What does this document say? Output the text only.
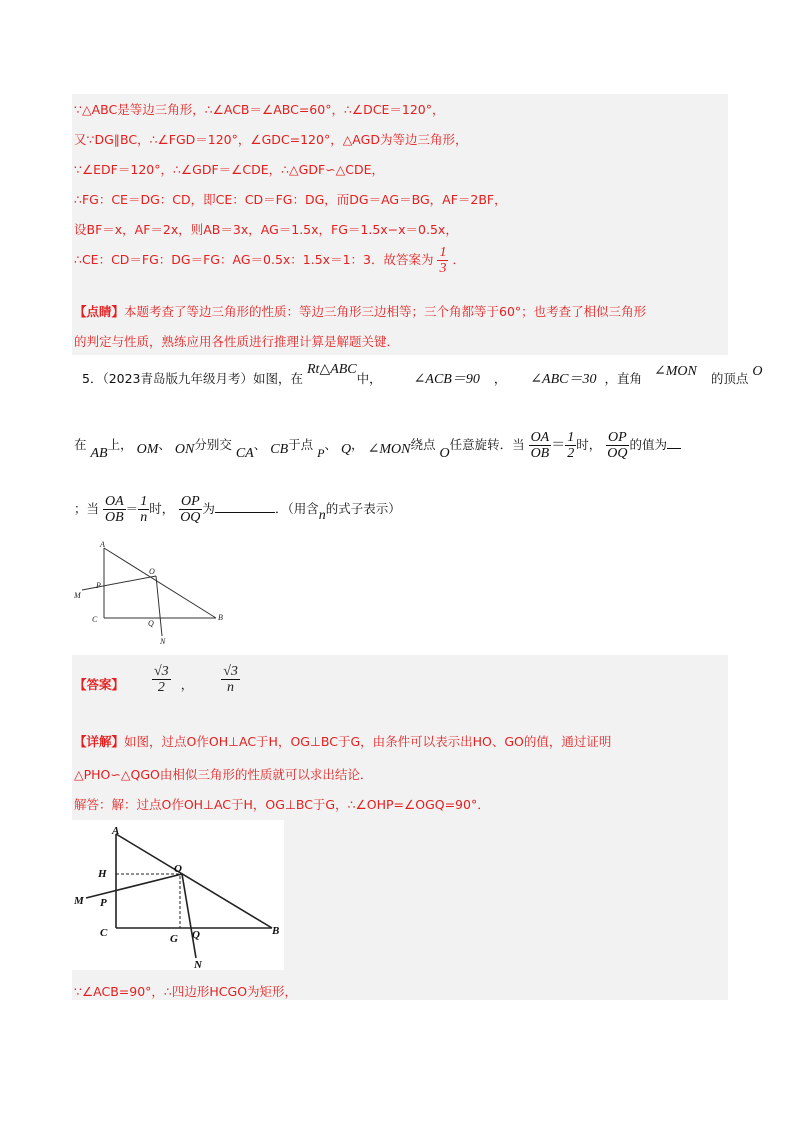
∵△ABC是等边三角形，∴∠ACB＝∠ABC=60°，∴∠DCE＝120°，
又∵DG∥BC，∴∠FGD＝120°，∠GDC=120°，△AGD为等边三角形，
∵∠EDF＝120°，∴∠GDF＝∠CDE，∴△GDF∽△CDE，
∴FG：CE＝DG：CD，即CE：CD＝FG：DG，而DG＝AG＝BG，AF＝2BF，
设BF＝x，AF＝2x，则AB＝3x，AG＝1.5x，FG＝1.5x−x＝0.5x，
∴CE：CD＝FG：DG＝FG：AG＝0.5x：1.5x＝1：3．故答案为 $\frac{1}{3}$ ．
【点睛】本题考查了等边三角形的性质：等边三角形三边相等；三个角都等于60°；也考查了相似三角形
的判定与性质，熟练应用各性质进行推理计算是解题关键．
5．（2023青岛版九年级月考）如图，在 Rt△ABC中， ∠ACB＝90 ， ∠ABC＝30 ，直角 ∠MON 的顶点 O
在 AB上， OM、 ON分别交 CA、 CB于点 P、 Q， ∠MON绕点 O任意旋转．当 $\frac{OA}{OB} = \frac{1}{2}$ 时， $\frac{OP}{OQ}$ 的值为
；当 $\frac{OA}{OB} = \frac{1}{n}$ 时， $\frac{OP}{OQ}$ 为	．（用含n的式子表示）
A
M
P
O
C	Q
B
N
【答案】 $\frac{√3}{2}$ ， $\frac{√3}{n}$
【详解】如图，过点O作OH⊥AC于H，OG⊥BC于G，由条件可以表示出HO、GO的值，通过证明
△PHO∽△QGO由相似三角形的性质就可以求出结论．
解答：解：过点O作OH⊥AC于H，OG⊥BC于G，∴∠OHP=∠OGQ=90°．
A
H	O
M P
C	G Q	B
N
∵∠ACB=90°，∴四边形HCGO为矩形，
